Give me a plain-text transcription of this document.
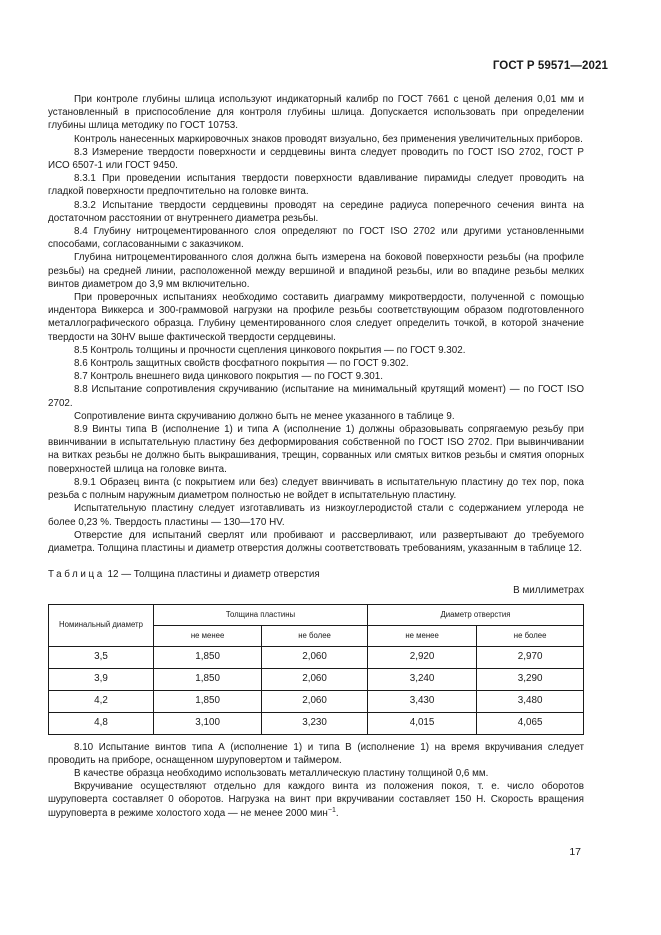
ГОСТ Р 59571—2021

При контроле глубины шлица используют индикаторный калибр по ГОСТ 7661 с ценой деления 0,01 мм и установленный в приспособление для контроля глубины шлица. Допускается использовать при определении глубины шлица методику по ГОСТ 10753.

Контроль нанесенных маркировочных знаков проводят визуально, без применения увеличительных приборов.

8.3 Измерение твердости поверхности и сердцевины винта следует проводить по ГОСТ ISO 2702, ГОСТ Р ИСО 6507-1 или ГОСТ 9450.

8.3.1 При проведении испытания твердости поверхности вдавливание пирамиды следует проводить на гладкой поверхности предпочтительно на головке винта.

8.3.2 Испытание твердости сердцевины проводят на середине радиуса поперечного сечения винта на достаточном расстоянии от внутреннего диаметра резьбы.

8.4 Глубину нитроцементированного слоя определяют по ГОСТ ISO 2702 или другими установленными способами, согласованными с заказчиком.

Глубина нитроцементированного слоя должна быть измерена на боковой поверхности резьбы (на профиле резьбы) на средней линии, расположенной между вершиной и впадиной резьбы, или во впадине резьбы мелких винтов диаметром до 3,9 мм включительно.

При проверочных испытаниях необходимо составить диаграмму микротвердости, полученной с помощью индентора Виккерса и 300-граммовой нагрузки на профиле резьбы соответствующим образом подготовленного металлографического образца. Глубину цементированного слоя следует определить точкой, в которой значение твердости на 30HV выше фактической твердости сердцевины.

8.5 Контроль толщины и прочности сцепления цинкового покрытия — по ГОСТ 9.302.

8.6 Контроль защитных свойств фосфатного покрытия — по ГОСТ 9.302.

8.7 Контроль внешнего вида цинкового покрытия — по ГОСТ 9.301.

8.8 Испытание сопротивления скручиванию (испытание на минимальный крутящий момент) — по ГОСТ ISO 2702.

Сопротивление винта скручиванию должно быть не менее указанного в таблице 9.

8.9 Винты типа В (исполнение 1) и типа А (исполнение 1) должны образовывать сопрягаемую резьбу при ввинчивании в испытательную пластину без деформирования собственной по ГОСТ ISO 2702. При вывинчивании на витках резьбы не должно быть выкрашивания, трещин, сорванных или смятых витков резьбы и смятия опорных поверхностей шлица на головке винта.

8.9.1 Образец винта (с покрытием или без) следует ввинчивать в испытательную пластину до тех пор, пока резьба с полным наружным диаметром полностью не войдет в испытательную пластину.

Испытательную пластину следует изготавливать из низкоуглеродистой стали с содержанием углерода не более 0,23 %. Твердость пластины — 130—170 HV.

Отверстие для испытаний сверлят или пробивают и рассверливают, или развертывают до требуемого диаметра. Толщина пластины и диаметр отверстия должны соответствовать требованиям, указанным в таблице 12.

Таблица 12 — Толщина пластины и диаметр отверстия

В миллиметрах

Номинальный диаметр	Толщина пластины		Диаметр отверстия	
	не менее	не более	не менее	не более
3,5	1,850	2,060	2,920	2,970
3,9	1,850	2,060	3,240	3,290
4,2	1,850	2,060	3,430	3,480
4,8	3,100	3,230	4,015	4,065

8.10 Испытание винтов типа А (исполнение 1) и типа В (исполнение 1) на время вкручивания следует проводить на приборе, оснащенном шуруповертом и таймером.

В качестве образца необходимо использовать металлическую пластину толщиной 0,6 мм.

Вкручивание осуществляют отдельно для каждого винта из положения покоя, т. е. число оборотов шуруповерта составляет 0 оборотов. Нагрузка на винт при вкручивании составляет 150 Н. Скорость вращения шуруповерта в режиме холостого хода — не менее 2000 мин$^{-1}$.

17
